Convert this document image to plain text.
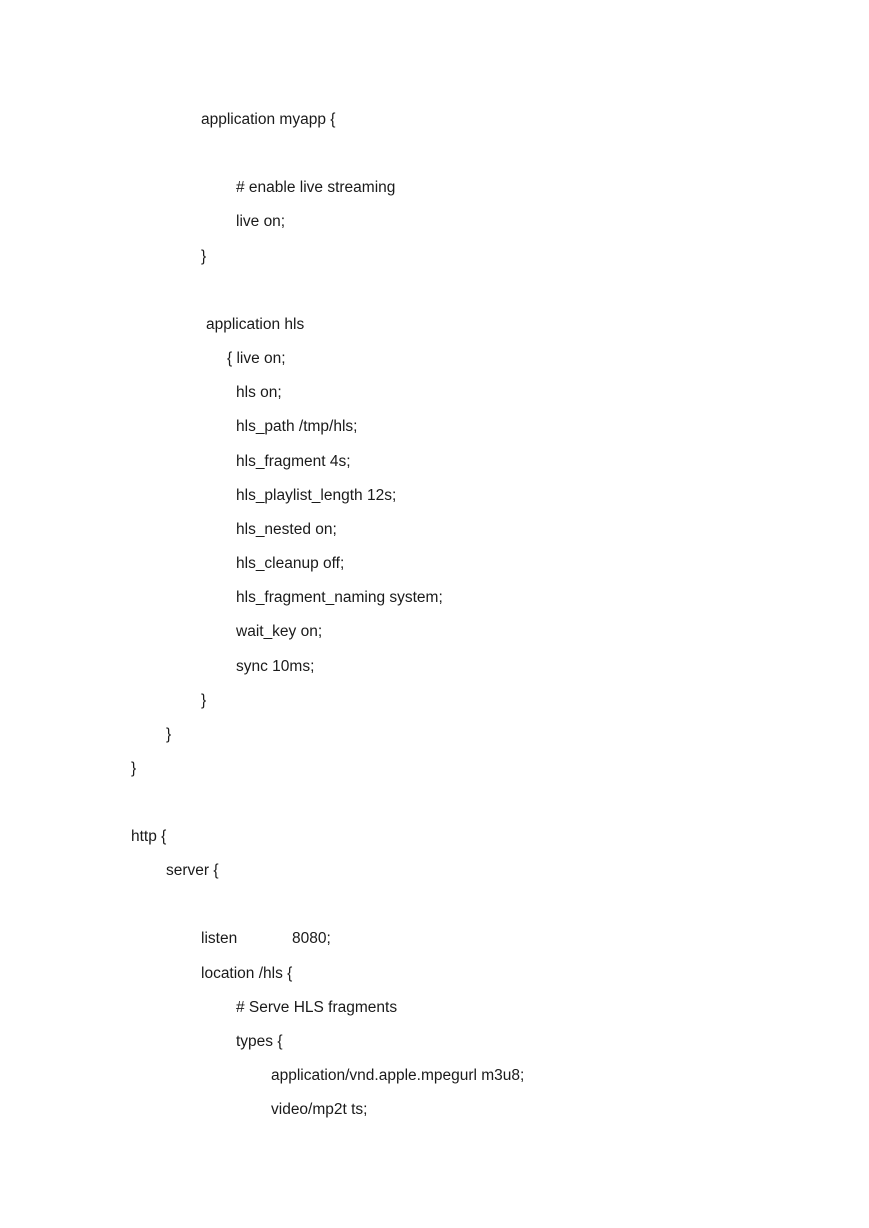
application myapp {
# enable live streaming
live on;
}
application hls
{ live on;
hls on;
hls_path /tmp/hls;
hls_fragment 4s;
hls_playlist_length 12s;
hls_nested on;
hls_cleanup off;
hls_fragment_naming system;
wait_key on;
sync 10ms;
}
}
}
http {
server {
listen	8080;
location /hls {
# Serve HLS fragments
types {
application/vnd.apple.mpegurl m3u8;
video/mp2t ts;
